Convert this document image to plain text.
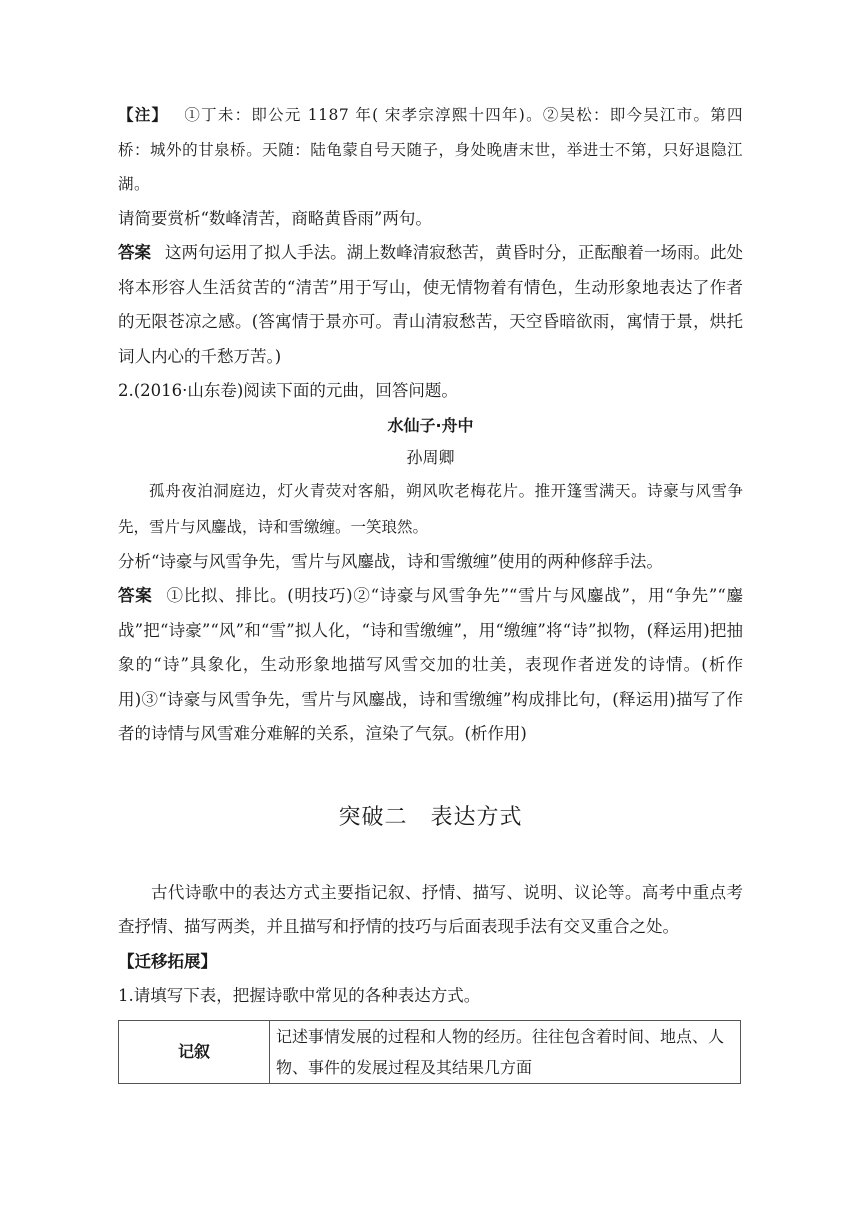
【注】 ①丁未：即公元 1187 年( 宋孝宗淳熙十四年)。②吴松：即今吴江市。第四桥：城外的甘泉桥。天随：陆龟蒙自号天随子，身处晚唐末世，举进士不第，只好退隐江湖。

请简要赏析“数峰清苦，商略黄昏雨”两句。

答案 这两句运用了拟人手法。湖上数峰清寂愁苦，黄昏时分，正酝酿着一场雨。此处将本形容人生活贫苦的“清苦”用于写山，使无情物着有情色，生动形象地表达了作者的无限苍凉之感。(答寓情于景亦可。青山清寂愁苦，天空昏暗欲雨，寓情于景，烘托词人内心的千愁万苦。)

2.(2016·山东卷)阅读下面的元曲，回答问题。

水仙子·舟中
孙周卿

孤舟夜泊洞庭边，灯火青荧对客船，朔风吹老梅花片。推开篷雪满天。诗豪与风雪争先，雪片与风鏖战，诗和雪缴缠。一笑琅然。

分析“诗豪与风雪争先，雪片与风鏖战，诗和雪缴缠”使用的两种修辞手法。

答案 ①比拟、排比。(明技巧)②“诗豪与风雪争先”“雪片与风鏖战”，用“争先”“鏖战”把“诗豪”“风”和“雪”拟人化，“诗和雪缴缠”，用“缴缠”将“诗”拟物，(释运用)把抽象的“诗”具象化，生动形象地描写风雪交加的壮美，表现作者迸发的诗情。(析作用)③“诗豪与风雪争先，雪片与风鏖战，诗和雪缴缠”构成排比句，(释运用)描写了作者的诗情与风雪难分难解的关系，渲染了气氛。(析作用)

突破二　表达方式

古代诗歌中的表达方式主要指记叙、抒情、描写、说明、议论等。高考中重点考查抒情、描写两类，并且描写和抒情的技巧与后面表现手法有交叉重合之处。

【迁移拓展】

1.请填写下表，把握诗歌中常见的各种表达方式。

记叙	记述事情发展的过程和人物的经历。往往包含着时间、地点、人物、事件的发展过程及其结果几方面
